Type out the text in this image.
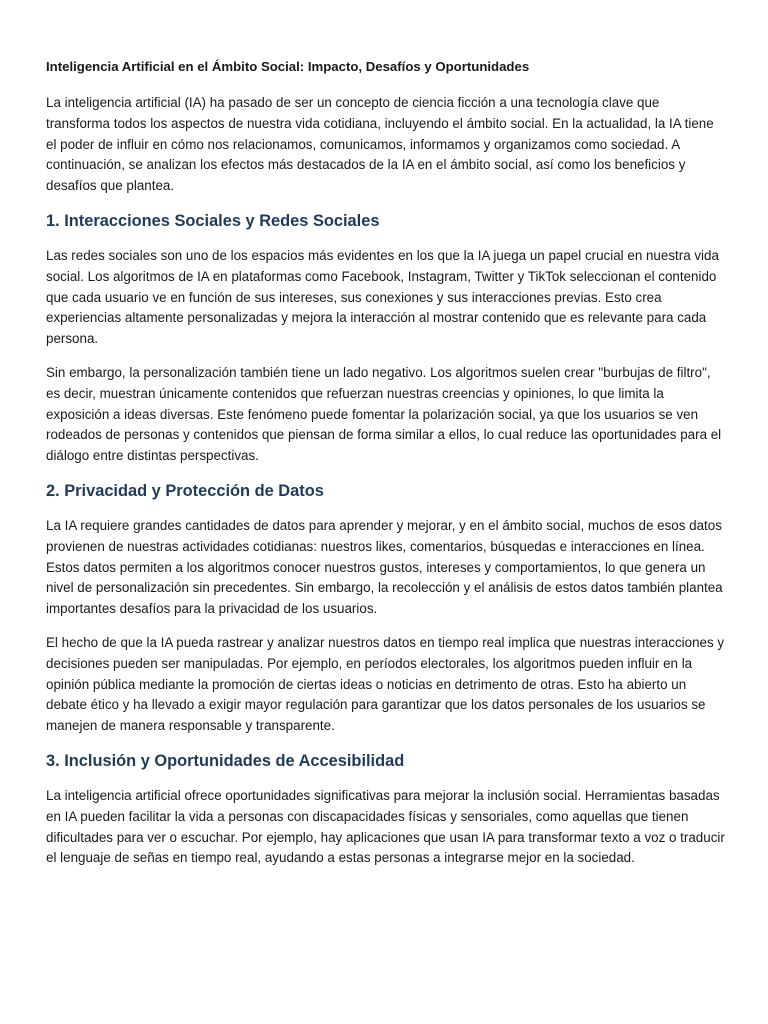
Inteligencia Artificial en el Ámbito Social: Impacto, Desafíos y Oportunidades

La inteligencia artificial (IA) ha pasado de ser un concepto de ciencia ficción a una tecnología clave que transforma todos los aspectos de nuestra vida cotidiana, incluyendo el ámbito social. En la actualidad, la IA tiene el poder de influir en cómo nos relacionamos, comunicamos, informamos y organizamos como sociedad. A continuación, se analizan los efectos más destacados de la IA en el ámbito social, así como los beneficios y desafíos que plantea.

1. Interacciones Sociales y Redes Sociales

Las redes sociales son uno de los espacios más evidentes en los que la IA juega un papel crucial en nuestra vida social. Los algoritmos de IA en plataformas como Facebook, Instagram, Twitter y TikTok seleccionan el contenido que cada usuario ve en función de sus intereses, sus conexiones y sus interacciones previas. Esto crea experiencias altamente personalizadas y mejora la interacción al mostrar contenido que es relevante para cada persona.

Sin embargo, la personalización también tiene un lado negativo. Los algoritmos suelen crear "burbujas de filtro", es decir, muestran únicamente contenidos que refuerzan nuestras creencias y opiniones, lo que limita la exposición a ideas diversas. Este fenómeno puede fomentar la polarización social, ya que los usuarios se ven rodeados de personas y contenidos que piensan de forma similar a ellos, lo cual reduce las oportunidades para el diálogo entre distintas perspectivas.

2. Privacidad y Protección de Datos

La IA requiere grandes cantidades de datos para aprender y mejorar, y en el ámbito social, muchos de esos datos provienen de nuestras actividades cotidianas: nuestros likes, comentarios, búsquedas e interacciones en línea. Estos datos permiten a los algoritmos conocer nuestros gustos, intereses y comportamientos, lo que genera un nivel de personalización sin precedentes. Sin embargo, la recolección y el análisis de estos datos también plantea importantes desafíos para la privacidad de los usuarios.

El hecho de que la IA pueda rastrear y analizar nuestros datos en tiempo real implica que nuestras interacciones y decisiones pueden ser manipuladas. Por ejemplo, en períodos electorales, los algoritmos pueden influir en la opinión pública mediante la promoción de ciertas ideas o noticias en detrimento de otras. Esto ha abierto un debate ético y ha llevado a exigir mayor regulación para garantizar que los datos personales de los usuarios se manejen de manera responsable y transparente.

3. Inclusión y Oportunidades de Accesibilidad

La inteligencia artificial ofrece oportunidades significativas para mejorar la inclusión social. Herramientas basadas en IA pueden facilitar la vida a personas con discapacidades físicas y sensoriales, como aquellas que tienen dificultades para ver o escuchar. Por ejemplo, hay aplicaciones que usan IA para transformar texto a voz o traducir el lenguaje de señas en tiempo real, ayudando a estas personas a integrarse mejor en la sociedad.
